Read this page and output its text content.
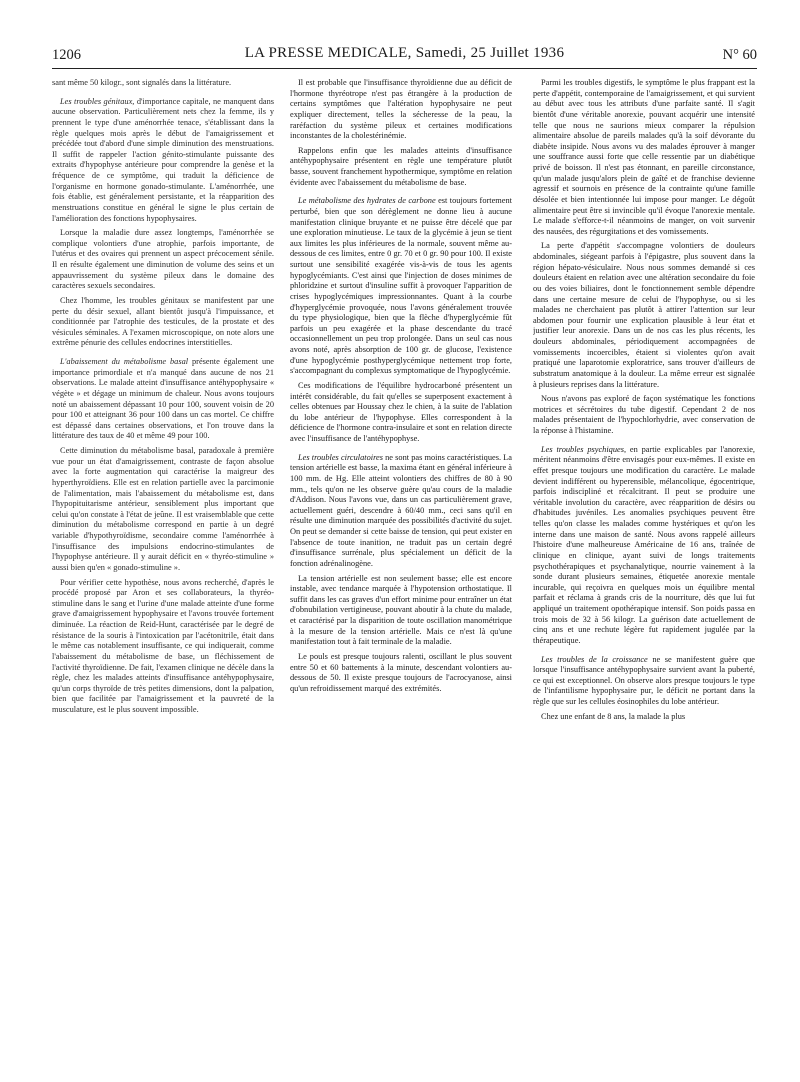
1206	LA PRESSE MEDICALE, Samedi, 25 Juillet 1936	N° 60

sant même 50 kilogr., sont signalés dans la littérature.

Les troubles génitaux, d'importance capitale, ne manquent dans aucune observation. Particulièrement nets chez la femme, ils y prennent le type d'une aménorrhée tenace, s'établissant dans la règle quelques mois après le début de l'amaigrissement et précédée tout d'abord d'une simple diminution des menstruations. Il suffit de rappeler l'action génito-stimulante puissante des extraits d'hypophyse antérieure pour comprendre la genèse et la fréquence de ce symptôme, qui traduit la déficience de l'organisme en hormone gonado-stimulante. L'aménorrhée, une fois établie, est généralement persistante, et la réapparition des menstruations constitue en général le signe le plus certain de l'amélioration des fonctions hypophysaires.

Lorsque la maladie dure assez longtemps, l'aménorrhée se complique volontiers d'une atrophie, parfois importante, de l'utérus et des ovaires qui prennent un aspect précocement sénile. Il en résulte également une diminution de volume des seins et un appauvrissement du système pileux dans le domaine des caractères sexuels secondaires.

Chez l'homme, les troubles génitaux se manifestent par une perte du désir sexuel, allant bientôt jusqu'à l'impuissance, et conditionnée par l'atrophie des testicules, de la prostate et des vésicules séminales. A l'examen microscopique, on note alors une extrême pénurie des cellules endocrines interstitielles.

L'abaissement du métabolisme basal présente également une importance primordiale et n'a manqué dans aucune de nos 21 observations. Le malade atteint d'insuffisance antéhypophysaire « végète » et dégage un minimum de chaleur. Nous avons toujours noté un abaissement dépassant 10 pour 100, souvent voisin de 20 pour 100 et atteignant 36 pour 100 dans un cas mortel. Ce chiffre est dépassé dans certaines observations, et l'on trouve dans la littérature des taux de 40 et même 49 pour 100.

Cette diminution du métabolisme basal, paradoxale à première vue pour un état d'amaigrissement, contraste de façon absolue avec la forte augmentation qui caractérise la maigreur des hyperthyroïdiens. Elle est en relation partielle avec la parcimonie de l'alimentation, mais l'abaissement du métabolisme est, dans l'hypopituitarisme antérieur, sensiblement plus important que celui qu'on constate à l'état de jeûne. Il est vraisemblable que cette diminution du métabolisme correspond en partie à un degré variable d'hypothyroïdisme, secondaire comme l'aménorrhée à l'insuffisance des impulsions endocrino-stimulantes de l'hypophyse antérieure. Il y aurait déficit en « thyréo-stimuline » aussi bien qu'en « gonado-stimuline ».

Pour vérifier cette hypothèse, nous avons recherché, d'après le procédé proposé par Aron et ses collaborateurs, la thyréo-stimuline dans le sang et l'urine d'une malade atteinte d'une forme grave d'amaigrissement hypophysaire et l'avons trouvée fortement diminuée. La réaction de Reid-Hunt, caractérisée par le degré de résistance de la souris à l'intoxication par l'acétonitrile, était dans le même cas notablement insuffisante, ce qui indiquerait, comme l'abaissement du métabolisme de base, un fléchissement de l'activité thyroïdienne. De fait, l'examen clinique ne décèle dans la règle, chez les malades atteints d'insuffisance antéhypophysaire, qu'un corps thyroïde de très petites dimensions, dont la palpation, bien que facilitée par l'amaigrissement et la pauvreté de la musculature, est le plus souvent impossible.

Il est probable que l'insuffisance thyroïdienne due au déficit de l'hormone thyréotrope n'est pas étrangère à la production de certains symptômes que l'altération hypophysaire ne peut expliquer directement, telles la sécheresse de la peau, la raréfaction du système pileux et certaines modifications inconstantes de la cholestérinémie.

Rappelons enfin que les malades atteints d'insuffisance antéhypophysaire présentent en règle une température plutôt basse, souvent franchement hypothermique, symptôme en relation évidente avec l'abaissement du métabolisme de base.

Le métabolisme des hydrates de carbone est toujours fortement perturbé, bien que son dérèglement ne donne lieu à aucune manifestation clinique bruyante et ne puisse être décelé que par une exploration minutieuse. Le taux de la glycémie à jeun se tient aux limites les plus inférieures de la normale, souvent même au-dessous de ces limites, entre 0 gr. 70 et 0 gr. 90 pour 100. Il existe surtout une sensibilité exagérée vis-à-vis de tous les agents hypoglycémiants. C'est ainsi que l'injection de doses minimes de phloridzine et surtout d'insuline suffit à provoquer l'apparition de crises hypoglycémiques impressionnantes. Quant à la courbe d'hyperglycémie provoquée, nous l'avons généralement trouvée du type physiologique, bien que la flèche d'hyperglycémie fût parfois un peu exagérée et la phase descendante du tracé occasionnellement un peu trop prolongée. Dans un seul cas nous avons noté, après absorption de 100 gr. de glucose, l'existence d'une hypoglycémie posthyperglycémique nettement trop forte, s'accompagnant du complexus symptomatique de l'hypoglycémie.

Ces modifications de l'équilibre hydrocarboné présentent un intérêt considérable, du fait qu'elles se superposent exactement à celles obtenues par Houssay chez le chien, à la suite de l'ablation du lobe antérieur de l'hypophyse. Elles correspondent à la déficience de l'hormone contra-insulaire et sont en relation directe avec l'insuffisance de l'antéhypophyse.

Les troubles circulatoires ne sont pas moins caractéristiques. La tension artérielle est basse, la maxima étant en général inférieure à 100 mm. de Hg. Elle atteint volontiers des chiffres de 80 à 90 mm., tels qu'on ne les observe guère qu'au cours de la maladie d'Addison. Nous l'avons vue, dans un cas particulièrement grave, actuellement guéri, descendre à 60/40 mm., ceci sans qu'il en résulte une diminution marquée des possibilités d'activité du sujet. On peut se demander si cette baisse de tension, qui peut exister en l'absence de toute inanition, ne traduit pas un certain degré d'insuffisance surrénale, plus spécialement un déficit de la fonction adrénalinogène.

La tension artérielle est non seulement basse; elle est encore instable, avec tendance marquée à l'hypotension orthostatique. Il suffit dans les cas graves d'un effort minime pour entraîner un état d'obnubilation vertigineuse, pouvant aboutir à la chute du malade, et caractérisé par la disparition de toute oscillation manométrique à la mesure de la tension artérielle. Mais ce n'est là qu'une manifestation tout à fait terminale de la maladie.

Le pouls est presque toujours ralenti, oscillant le plus souvent entre 50 et 60 battements à la minute, descendant volontiers au-dessous de 50. Il existe presque toujours de l'acrocyanose, ainsi qu'un refroidissement marqué des extrémités.

Parmi les troubles digestifs, le symptôme le plus frappant est la perte d'appétit, contemporaine de l'amaigrissement, et qui survient au début avec tous les attributs d'une parfaite santé. Il s'agit bientôt d'une véritable anorexie, pouvant acquérir une intensité telle que nous ne saurions mieux comparer la répulsion alimentaire absolue de pareils malades qu'à la soif dévorante du diabète insipide. Nous avons vu des malades éprouver à manger une souffrance aussi forte que celle ressentie par un diabétique privé de boisson. Il n'est pas étonnant, en pareille circonstance, qu'un malade jusqu'alors plein de gaîté et de franchise devienne agressif et sournois en présence de la contrainte qu'une famille désolée et bien intentionnée lui impose pour manger. Le dégoût alimentaire peut être si invincible qu'il évoque l'anorexie mentale. Le malade s'efforce-t-il néanmoins de manger, on voit survenir des nausées, des régurgitations et des vomissements.

La perte d'appétit s'accompagne volontiers de douleurs abdominales, siégeant parfois à l'épigastre, plus souvent dans la région hépato-vésiculaire. Nous nous sommes demandé si ces douleurs étaient en relation avec une altération secondaire du foie ou des voies biliaires, dont le fonctionnement semble dépendre dans une certaine mesure de celui de l'hypophyse, ou si les malades ne cherchaient pas plutôt à attirer l'attention sur leur abdomen pour fournir une explication plausible à leur état et justifier leur anorexie. Dans un de nos cas les plus récents, les douleurs abdominales, périodiquement accompagnées de vomissements incoercibles, étaient si violentes qu'on avait pratiqué une laparotomie exploratrice, sans trouver d'ailleurs de substratum anatomique à la douleur. La même erreur est signalée à plusieurs reprises dans la littérature.

Nous n'avons pas exploré de façon systématique les fonctions motrices et sécrétoires du tube digestif. Cependant 2 de nos malades présentaient de l'hypochlorhydrie, avec conservation de la réponse à l'histamine.

Les troubles psychiques, en partie explicables par l'anorexie, méritent néanmoins d'être envisagés pour eux-mêmes. Il existe en effet presque toujours une modification du caractère. Le malade devient indifférent ou hyperensible, mélancolique, égocentrique, parfois indiscipliné et récalcitrant. Il peut se produire une véritable involution du caractère, avec réapparition de désirs ou d'habitudes juvéniles. Les anomalies psychiques peuvent être telles qu'on classe les malades comme hystériques et qu'on les interne dans une maison de santé. Nous avons rappelé ailleurs l'histoire d'une malheureuse Américaine de 16 ans, traînée de clinique en clinique, ayant suivi de longs traitements psychothérapiques et psychanalytique, nourrie vainement à la sonde durant plusieurs semaines, étiquetée anorexie mentale incurable, qui reçoivra en quelques mois un équilibre mental parfait et réclama à grands cris de la nourriture, dès que lui fut appliqué un traitement opothérapique intensif. Son poids passa en trois mois de 32 à 56 kilogr. La guérison date actuellement de cinq ans et une rechute légère fut rapidement jugulée par la thérapeutique.

Les troubles de la croissance ne se manifestent guère que lorsque l'insuffisance antéhypophysaire survient avant la puberté, ce qui est exceptionnel. On observe alors presque toujours le type de l'infantilisme hypophysaire pur, le déficit ne portant dans la règle que sur les cellules éosinophiles du lobe antérieur.

Chez une enfant de 8 ans, la malade la plus
